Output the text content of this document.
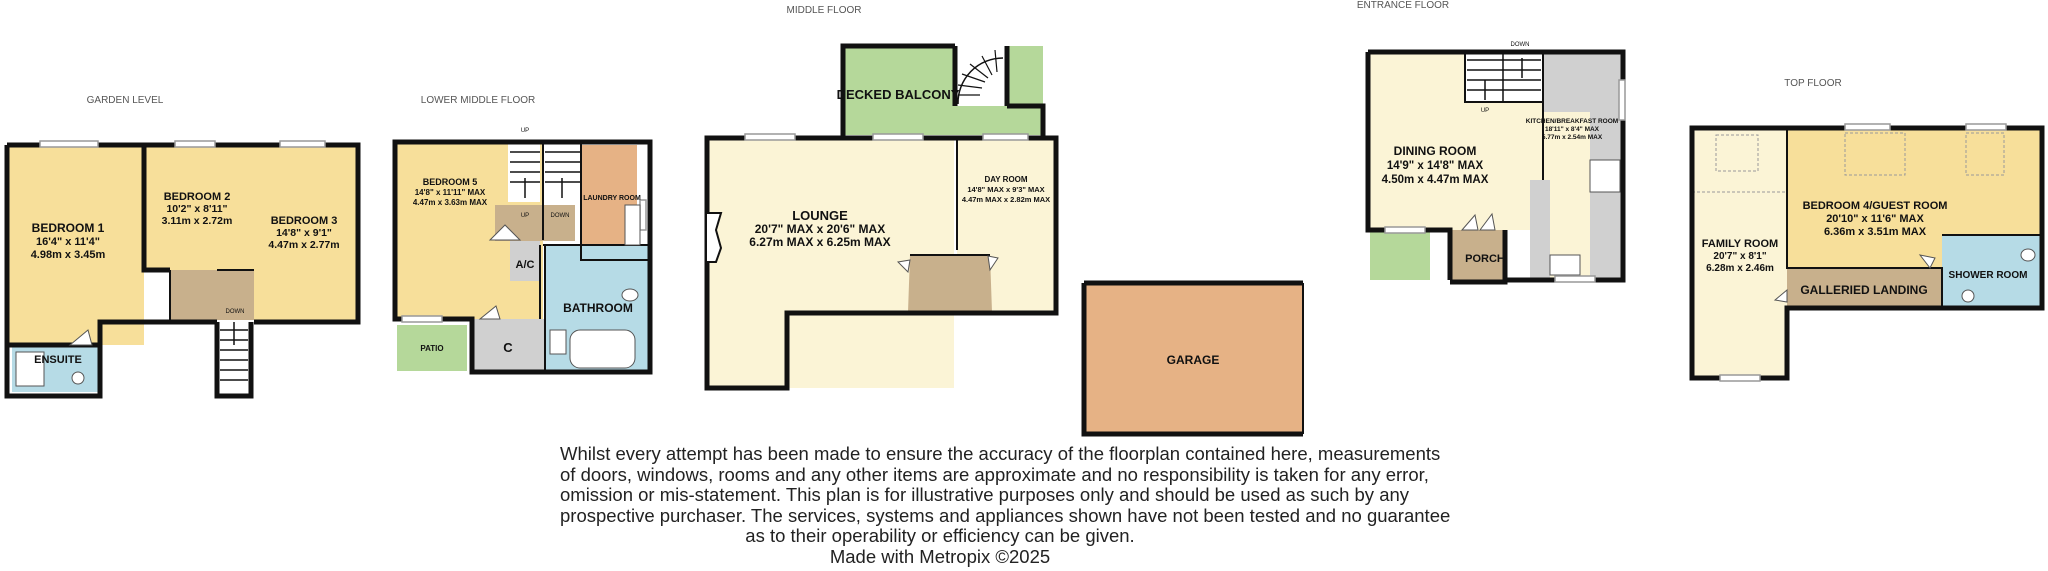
GARDEN LEVEL
BEDROOM 1
16'4" x 11'4"
4.98m x 3.45m
BEDROOM 2
10'2" x 8'11"
3.11m x 2.72m	BEDROOM 3
14'8" x 9'1"
4.47m x 2.77m
ENSUITE
DOWN
LOWER MIDDLE FLOOR
BEDROOM 5
14'8" x 11'11" MAX
4.47m x 3.63m MAX	LAUNDRY ROOM
A/C
BATHROOM
PATIO	C
UP	DOWN
UP
MIDDLE FLOOR
LOUNGE
20'7" MAX x 20'6" MAX
6.27m MAX x 6.25m MAX
DECKED BALCONY
DAY ROOM
14'8" MAX x 9'3" MAX
4.47m MAX x 2.82m MAX
GARAGE
ENTRANCE FLOOR
DINING ROOM
14'9" x 14'8" MAX
4.50m x 4.47m MAX
KITCHEN/BREAKFAST ROOM
18'11" x 8'4" MAX
5.77m x 2.54m MAX
PORCH
UP
DOWN
TOP FLOOR
FAMILY ROOM
20'7" x 8'1"
6.28m x 2.46m
BEDROOM 4/GUEST ROOM
20'10" x 11'6" MAX
6.36m x 3.51m MAX
GALLERIED LANDING
SHOWER ROOM
Whilst every attempt has been made to ensure the accuracy of the floorplan contained here, measurements
of doors, windows, rooms and any other items are approximate and no responsibility is taken for any error,
omission or mis-statement. This plan is for illustrative purposes only and should be used as such by any
prospective purchaser. The services, systems and appliances shown have not been tested and no guarantee
as to their operability or efficiency can be given.
Made with Metropix ©2025
